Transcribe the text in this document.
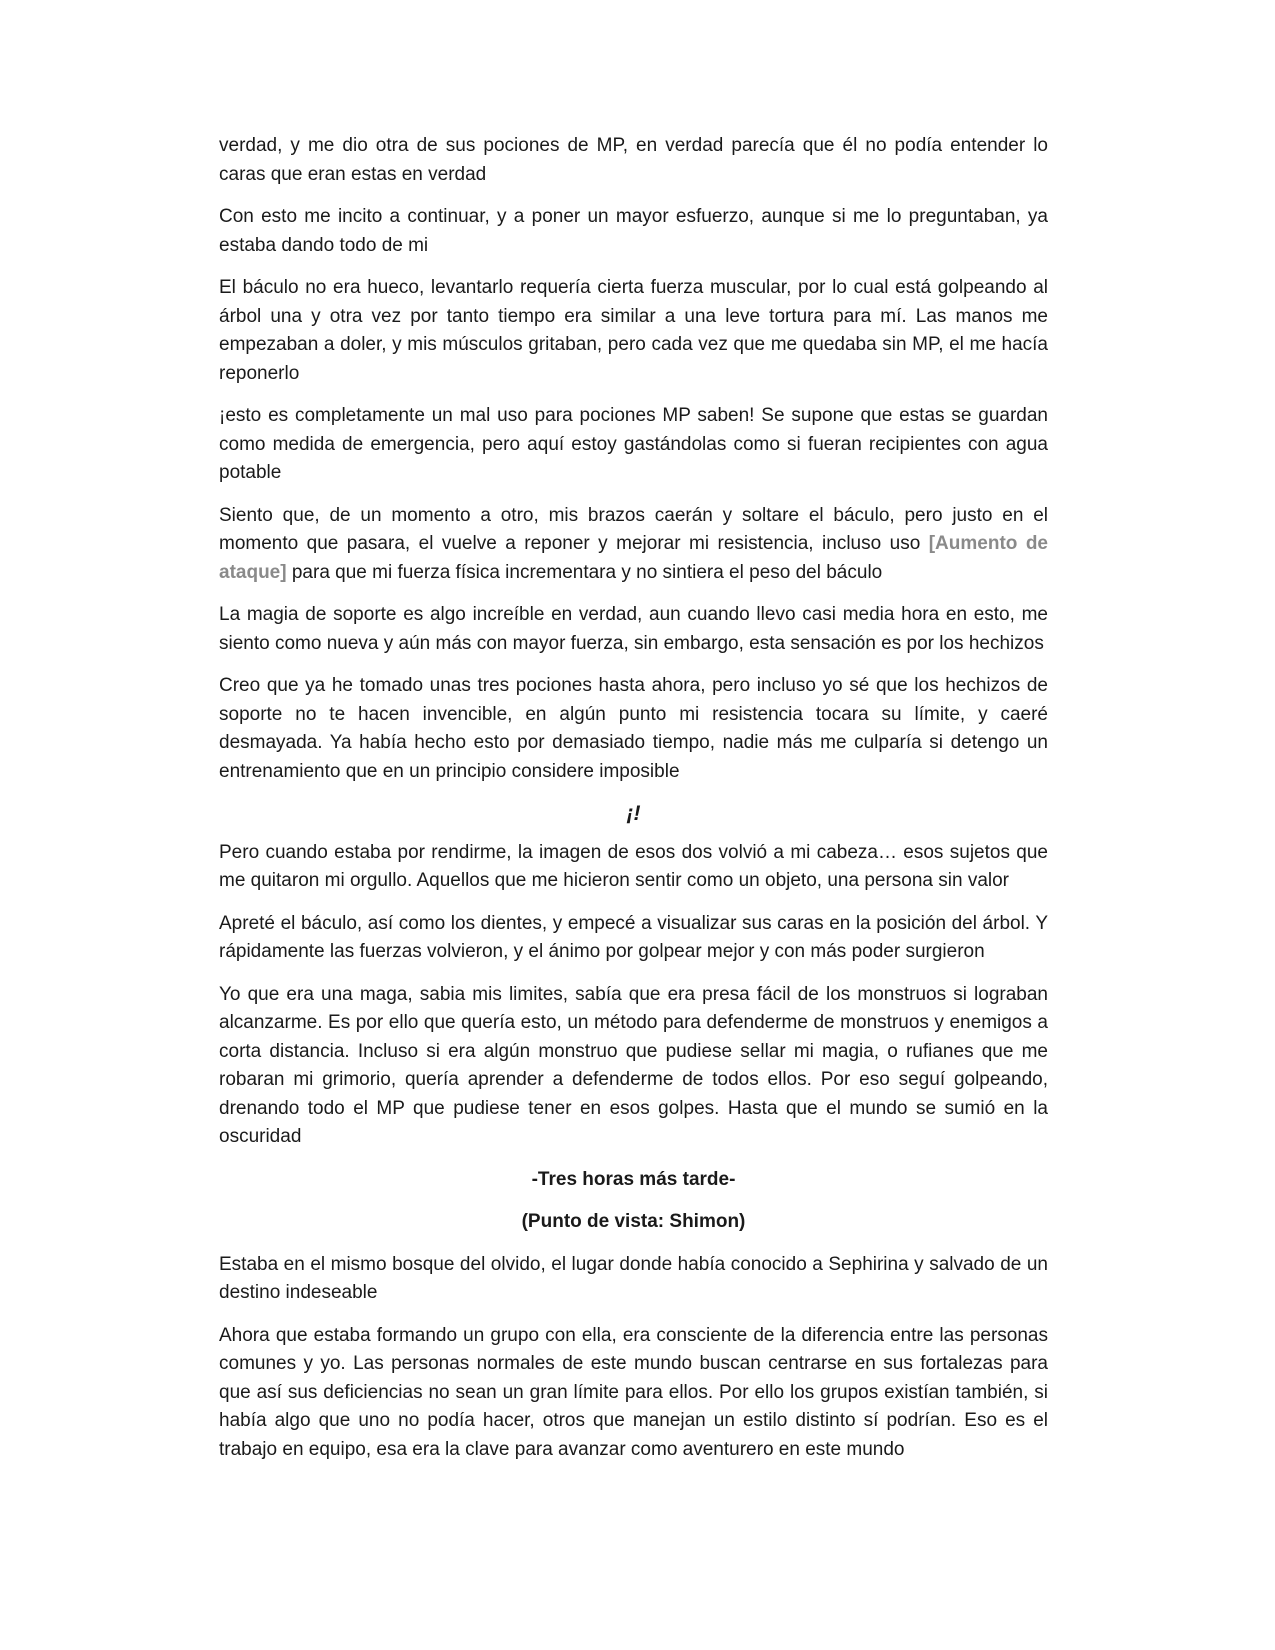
verdad, y me dio otra de sus pociones de MP, en verdad parecía que él no podía entender lo caras que eran estas en verdad

Con esto me incito a continuar, y a poner un mayor esfuerzo, aunque si me lo preguntaban, ya estaba dando todo de mi

El báculo no era hueco, levantarlo requería cierta fuerza muscular, por lo cual está golpeando al árbol una y otra vez por tanto tiempo era similar a una leve tortura para mí. Las manos me empezaban a doler, y mis músculos gritaban, pero cada vez que me quedaba sin MP, el me hacía reponerlo

¡esto es completamente un mal uso para pociones MP saben! Se supone que estas se guardan como medida de emergencia, pero aquí estoy gastándolas como si fueran recipientes con agua potable

Siento que, de un momento a otro, mis brazos caerán y soltare el báculo, pero justo en el momento que pasara, el vuelve a reponer y mejorar mi resistencia, incluso uso [Aumento de ataque] para que mi fuerza física incrementara y no sintiera el peso del báculo

La magia de soporte es algo increíble en verdad, aun cuando llevo casi media hora en esto, me siento como nueva y aún más con mayor fuerza, sin embargo, esta sensación es por los hechizos

Creo que ya he tomado unas tres pociones hasta ahora, pero incluso yo sé que los hechizos de soporte no te hacen invencible, en algún punto mi resistencia tocara su límite, y caeré desmayada. Ya había hecho esto por demasiado tiempo, nadie más me culparía si detengo un entrenamiento que en un principio considere imposible

¡!

Pero cuando estaba por rendirme, la imagen de esos dos volvió a mi cabeza… esos sujetos que me quitaron mi orgullo. Aquellos que me hicieron sentir como un objeto, una persona sin valor

Apreté el báculo, así como los dientes, y empecé a visualizar sus caras en la posición del árbol. Y rápidamente las fuerzas volvieron, y el ánimo por golpear mejor y con más poder surgieron

Yo que era una maga, sabia mis limites, sabía que era presa fácil de los monstruos si lograban alcanzarme. Es por ello que quería esto, un método para defenderme de monstruos y enemigos a corta distancia. Incluso si era algún monstruo que pudiese sellar mi magia, o rufianes que me robaran mi grimorio, quería aprender a defenderme de todos ellos. Por eso seguí golpeando, drenando todo el MP que pudiese tener en esos golpes. Hasta que el mundo se sumió en la oscuridad

-Tres horas más tarde-

(Punto de vista: Shimon)

Estaba en el mismo bosque del olvido, el lugar donde había conocido a Sephirina y salvado de un destino indeseable

Ahora que estaba formando un grupo con ella, era consciente de la diferencia entre las personas comunes y yo. Las personas normales de este mundo buscan centrarse en sus fortalezas para que así sus deficiencias no sean un gran límite para ellos. Por ello los grupos existían también, si había algo que uno no podía hacer, otros que manejan un estilo distinto sí podrían. Eso es el trabajo en equipo, esa era la clave para avanzar como aventurero en este mundo
